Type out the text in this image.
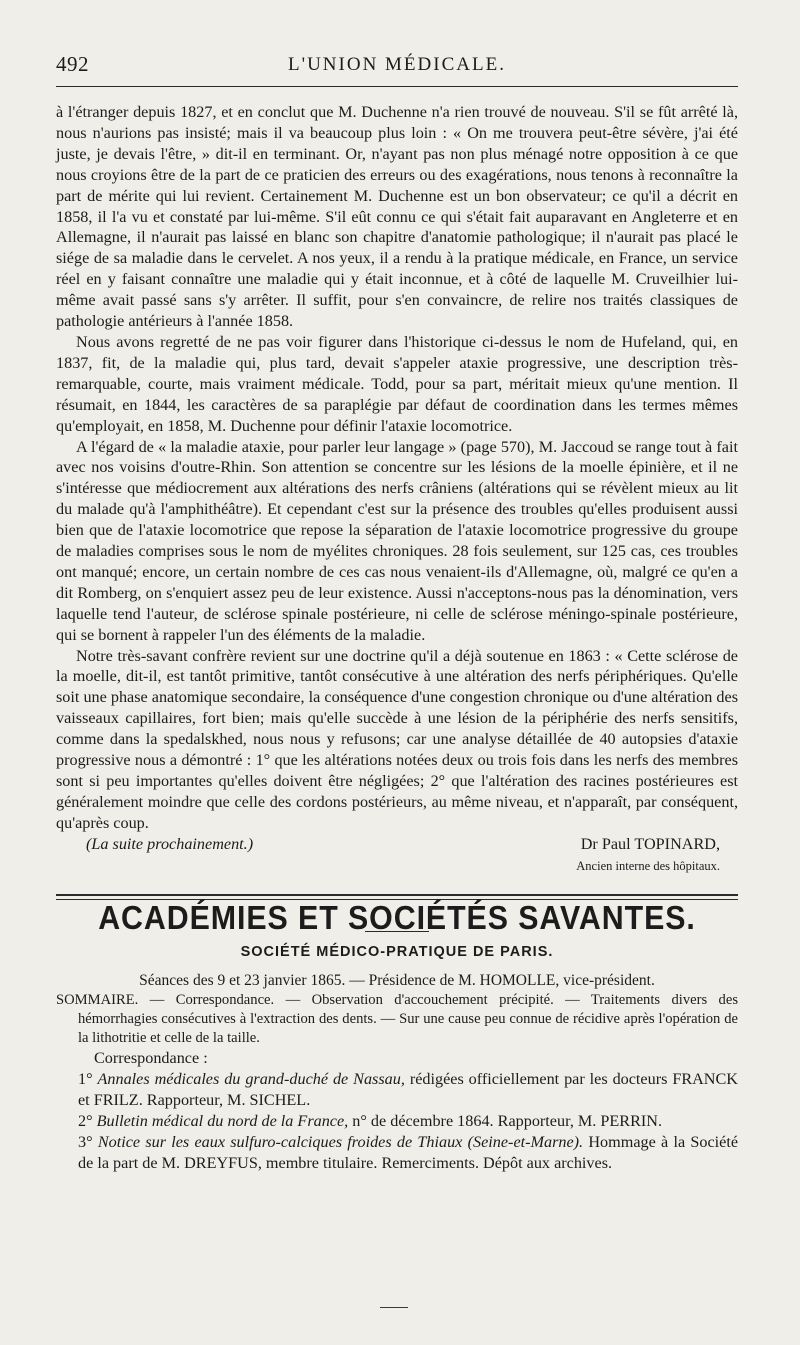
492	L'UNION MÉDICALE.

à l'étranger depuis 1827, et en conclut que M. Duchenne n'a rien trouvé de nouveau. S'il se fût arrêté là, nous n'aurions pas insisté; mais il va beaucoup plus loin : « On me trouvera peut-être sévère, j'ai été juste, je devais l'être, » dit-il en terminant. Or, n'ayant pas non plus ménagé notre opposition à ce que nous croyions être de la part de ce praticien des erreurs ou des exagérations, nous tenons à reconnaître la part de mérite qui lui revient. Certainement M. Duchenne est un bon observateur; ce qu'il a décrit en 1858, il l'a vu et constaté par lui-même. S'il eût connu ce qui s'était fait auparavant en Angleterre et en Allemagne, il n'aurait pas laissé en blanc son chapitre d'anatomie pathologique; il n'aurait pas placé le siége de sa maladie dans le cervelet. A nos yeux, il a rendu à la pratique médicale, en France, un service réel en y faisant connaître une maladie qui y était inconnue, et à côté de laquelle M. Cruveilhier lui-même avait passé sans s'y arrêter. Il suffit, pour s'en convaincre, de relire nos traités classiques de pathologie antérieurs à l'année 1858.

Nous avons regretté de ne pas voir figurer dans l'historique ci-dessus le nom de Hufeland, qui, en 1837, fit, de la maladie qui, plus tard, devait s'appeler ataxie progressive, une description très-remarquable, courte, mais vraiment médicale. Todd, pour sa part, méritait mieux qu'une mention. Il résumait, en 1844, les caractères de sa paraplégie par défaut de coordination dans les termes mêmes qu'employait, en 1858, M. Duchenne pour définir l'ataxie locomotrice.

A l'égard de « la maladie ataxie, pour parler leur langage » (page 570), M. Jaccoud se range tout à fait avec nos voisins d'outre-Rhin. Son attention se concentre sur les lésions de la moelle épinière, et il ne s'intéresse que médiocrement aux altérations des nerfs crâniens (altérations qui se révèlent mieux au lit du malade qu'à l'amphithéâtre). Et cependant c'est sur la présence des troubles qu'elles produisent aussi bien que de l'ataxie locomotrice que repose la séparation de l'ataxie locomotrice progressive du groupe de maladies comprises sous le nom de myélites chroniques. 28 fois seulement, sur 125 cas, ces troubles ont manqué; encore, un certain nombre de ces cas nous venaient-ils d'Allemagne, où, malgré ce qu'en a dit Romberg, on s'enquiert assez peu de leur existence. Aussi n'acceptons-nous pas la dénomination, vers laquelle tend l'auteur, de sclérose spinale postérieure, ni celle de sclérose méningo-spinale postérieure, qui se bornent à rappeler l'un des éléments de la maladie.

Notre très-savant confrère revient sur une doctrine qu'il a déjà soutenue en 1863 : « Cette sclérose de la moelle, dit-il, est tantôt primitive, tantôt consécutive à une altération des nerfs périphériques. Qu'elle soit une phase anatomique secondaire, la conséquence d'une congestion chronique ou d'une altération des vaisseaux capillaires, fort bien; mais qu'elle succède à une lésion de la périphérie des nerfs sensitifs, comme dans la spedalskhed, nous nous y refusons; car une analyse détaillée de 40 autopsies d'ataxie progressive nous a démontré : 1° que les altérations notées deux ou trois fois dans les nerfs des membres sont si peu importantes qu'elles doivent être négligées; 2° que l'altération des racines postérieures est généralement moindre que celle des cordons postérieurs, au même niveau, et n'apparaît, par conséquent, qu'après coup.

(La suite prochainement.)	Dr Paul TOPINARD,
Ancien interne des hôpitaux.
ACADÉMIES ET SOCIÉTÉS SAVANTES.
SOCIÉTÉ MÉDICO-PRATIQUE DE PARIS.
Séances des 9 et 23 janvier 1865. — Présidence de M. HOMOLLE, vice-président.

SOMMAIRE. — Correspondance. — Observation d'accouchement précipité. — Traitements divers des hémorrhagies consécutives à l'extraction des dents. — Sur une cause peu connue de récidive après l'opération de la lithotritie et celle de la taille.

Correspondance :

1° Annales médicales du grand-duché de Nassau, rédigées officiellement par les docteurs FRANCK et FRILZ. Rapporteur, M. SICHEL.

2° Bulletin médical du nord de la France, n° de décembre 1864. Rapporteur, M. PERRIN.

3° Notice sur les eaux sulfuro-calciques froides de Thiaux (Seine-et-Marne). Hommage à la Société de la part de M. DREYFUS, membre titulaire. Remerciments. Dépôt aux archives.
